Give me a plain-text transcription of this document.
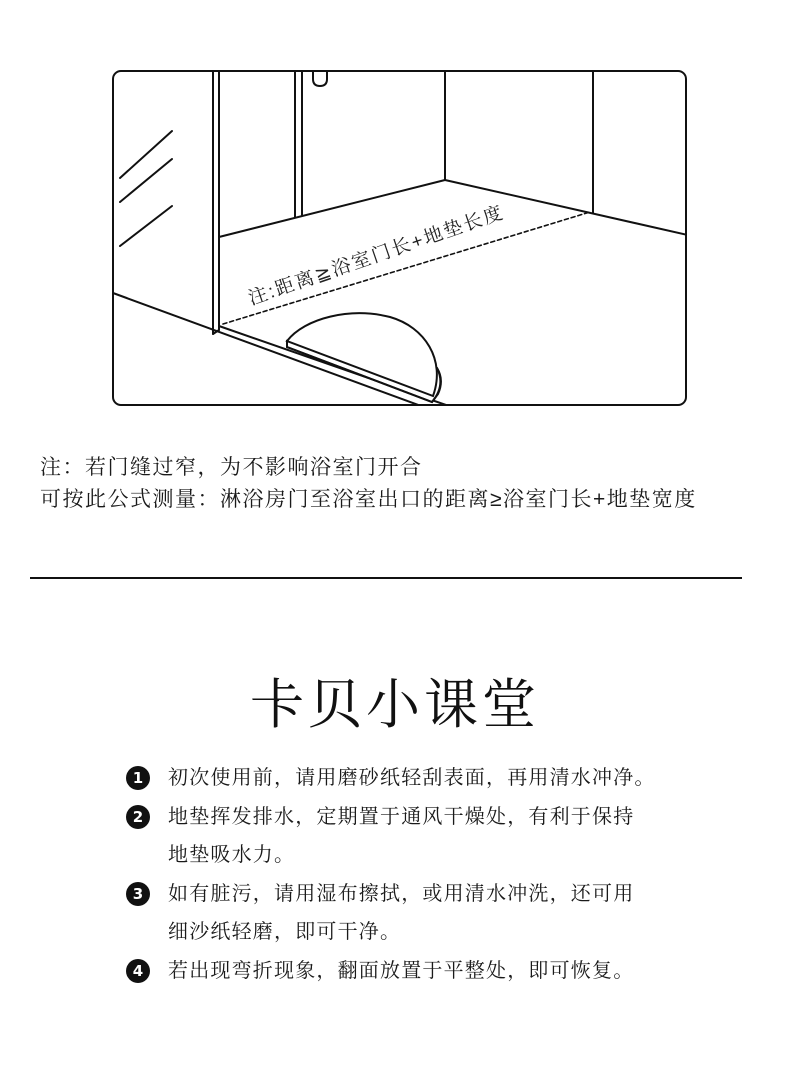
注:距离≧浴室门长+地垫长度
注：若门缝过窄，为不影响浴室门开合
可按此公式测量：淋浴房门至浴室出口的距离≥浴室门长+地垫宽度
卡贝小课堂
1	初次使用前，请用磨砂纸轻刮表面，再用清水冲净。
2	地垫挥发排水，定期置于通风干燥处，有利于保持
地垫吸水力。
3	如有脏污，请用湿布擦拭，或用清水冲洗，还可用
细沙纸轻磨，即可干净。
4	若出现弯折现象，翻面放置于平整处，即可恢复。
